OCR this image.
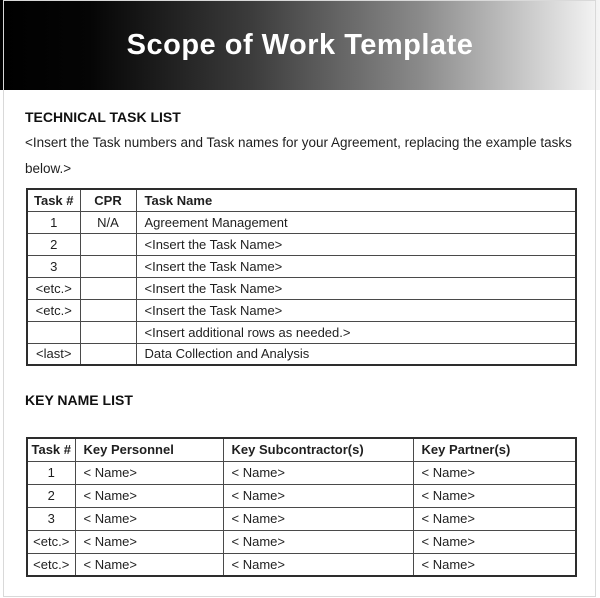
Scope of Work Template
TECHNICAL TASK LIST

<Insert the Task numbers and Task names for your Agreement, replacing the example tasks
below.>

Task #	CPR	Task Name
1	N/A	Agreement Management
2		<Insert the Task Name>
3		<Insert the Task Name>
<etc.>		<Insert the Task Name>
<etc.>		<Insert the Task Name>
		<Insert additional rows as needed.>
<last>		Data Collection and Analysis
KEY NAME LIST
Task #	Key Personnel	Key Subcontractor(s)	Key Partner(s)
1	< Name>	< Name>	< Name>
2	< Name>	< Name>	< Name>
3	< Name>	< Name>	< Name>
<etc.>	< Name>	< Name>	< Name>
<etc.>	< Name>	< Name>	< Name>
